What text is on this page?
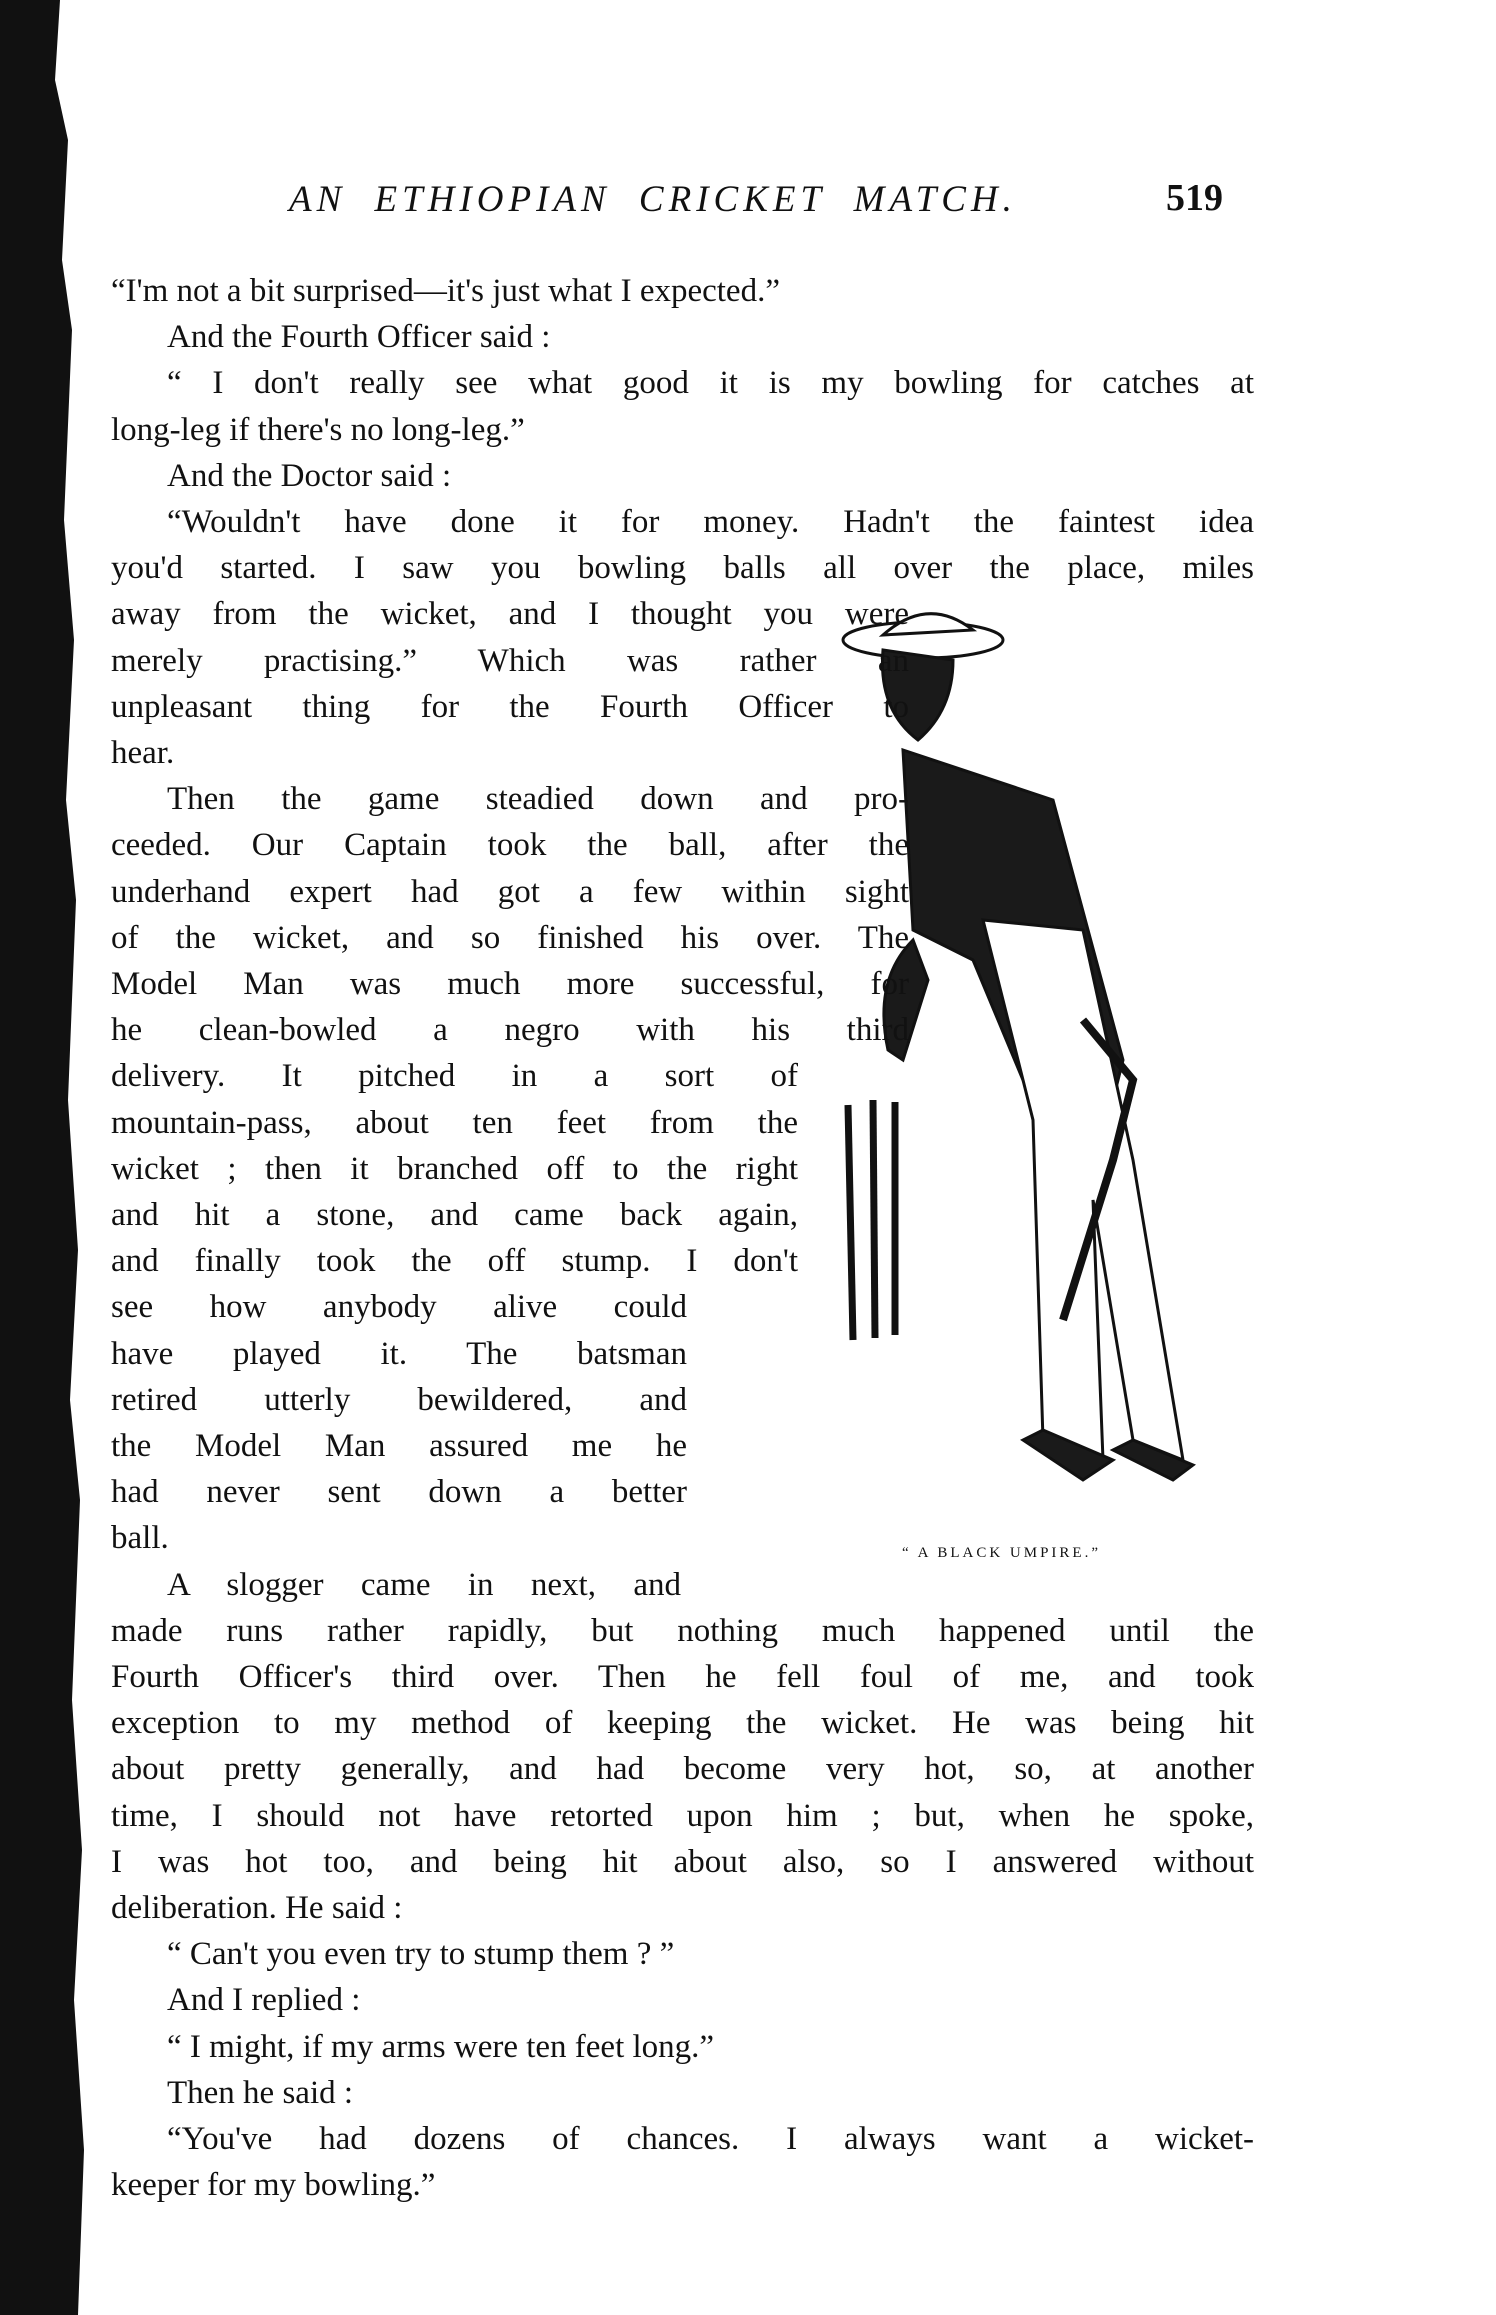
AN ETHIOPIAN CRICKET MATCH.	519
“ A BLACK UMPIRE.”
“I'm not a bit surprised—it's just what I expected.”
And the Fourth Officer said :
“ I don't really see what good it is my bowling for catches at
long-leg if there's no long-leg.”
And the Doctor said :
“Wouldn't have done it for money. Hadn't the faintest idea
you'd started. I saw you bowling balls all over the place, miles
away from the wicket, and I thought you were
merely practising.” Which was rather an
unpleasant thing for the Fourth Officer to
hear.
Then the game steadied down and pro-
ceeded. Our Captain took the ball, after the
underhand expert had got a few within sight
of the wicket, and so finished his over. The
Model Man was much more successful, for
he clean-bowled a negro with his third
delivery. It pitched in a sort of
mountain-pass, about ten feet from the
wicket ; then it branched off to the right
and hit a stone, and came back again,
and finally took the off stump. I don't
see how anybody alive could
have played it. The batsman
retired utterly bewildered, and
the Model Man assured me he
had never sent down a better
ball.
A slogger came in next, and
made runs rather rapidly, but nothing much happened until the
Fourth Officer's third over. Then he fell foul of me, and took
exception to my method of keeping the wicket. He was being hit
about pretty generally, and had become very hot, so, at another
time, I should not have retorted upon him ; but, when he spoke,
I was hot too, and being hit about also, so I answered without
deliberation. He said :
“ Can't you even try to stump them ? ”
And I replied :
“ I might, if my arms were ten feet long.”
Then he said :
“You've had dozens of chances. I always want a wicket-
keeper for my bowling.”
